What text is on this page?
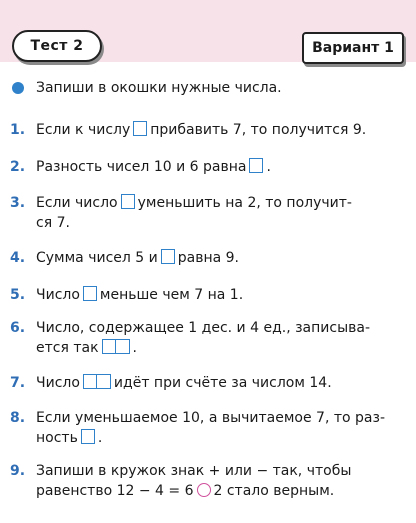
Тест 2	Вариант 1
Запиши в окошки нужные числа.
1. Если к числу прибавить 7, то получится 9.
2. Разность чисел 10 и 6 равна .
3. Если число уменьшить на 2, то получит-
ся 7.
4. Сумма чисел 5 и равна 9.
5. Число меньше чем 7 на 1.
6. Число, содержащее 1 дес. и 4 ед., записыва-
ется так .
7. Число идёт при счёте за числом 14.
8. Если уменьшаемое 10, а вычитаемое 7, то раз-
ность .
9. Запиши в кружок знак + или − так, чтобы
равенство 12 − 4 = 6 2 стало верным.
